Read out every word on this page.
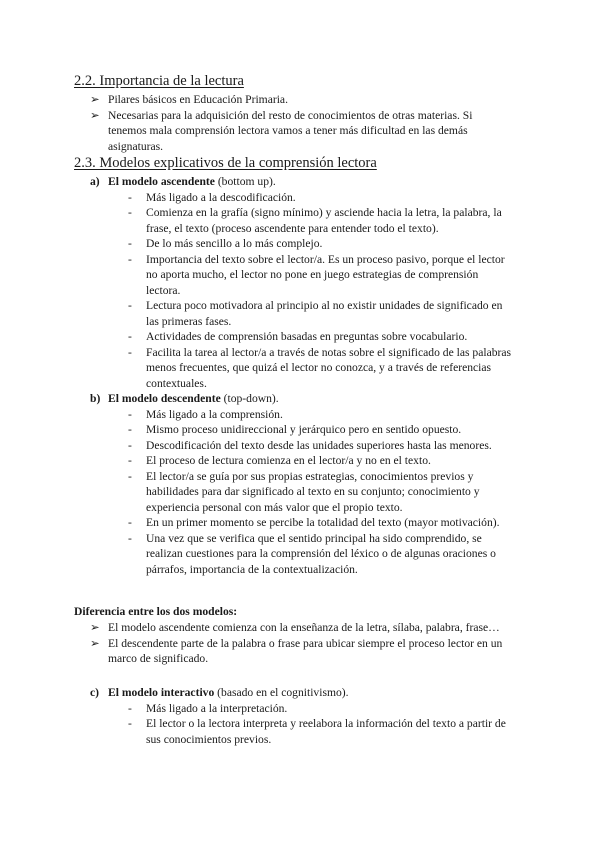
2.2. Importancia de la lectura
➢ Pilares básicos en Educación Primaria.
➢ Necesarias para la adquisición del resto de conocimientos de otras materias. Si
tenemos mala comprensión lectora vamos a tener más dificultad en las demás
asignaturas.
2.3. Modelos explicativos de la comprensión lectora
a) El modelo ascendente (bottom up).
- Más ligado a la descodificación.
- Comienza en la grafía (signo mínimo) y asciende hacia la letra, la palabra, la
frase, el texto (proceso ascendente para entender todo el texto).
- De lo más sencillo a lo más complejo.
- Importancia del texto sobre el lector/a. Es un proceso pasivo, porque el lector
no aporta mucho, el lector no pone en juego estrategias de comprensión
lectora.
- Lectura poco motivadora al principio al no existir unidades de significado en
las primeras fases.
- Actividades de comprensión basadas en preguntas sobre vocabulario.
- Facilita la tarea al lector/a a través de notas sobre el significado de las palabras
menos frecuentes, que quizá el lector no conozca, y a través de referencias
contextuales.
b) El modelo descendente (top-down).
- Más ligado a la comprensión.
- Mismo proceso unidireccional y jerárquico pero en sentido opuesto.
- Descodificación del texto desde las unidades superiores hasta las menores.
- El proceso de lectura comienza en el lector/a y no en el texto.
- El lector/a se guía por sus propias estrategias, conocimientos previos y
habilidades para dar significado al texto en su conjunto; conocimiento y
experiencia personal con más valor que el propio texto.
- En un primer momento se percibe la totalidad del texto (mayor motivación).
- Una vez que se verifica que el sentido principal ha sido comprendido, se
realizan cuestiones para la comprensión del léxico o de algunas oraciones o
párrafos, importancia de la contextualización.
Diferencia entre los dos modelos:
➢ El modelo ascendente comienza con la enseñanza de la letra, sílaba, palabra, frase…
➢ El descendente parte de la palabra o frase para ubicar siempre el proceso lector en un
marco de significado.
c) El modelo interactivo (basado en el cognitivismo).
- Más ligado a la interpretación.
- El lector o la lectora interpreta y reelabora la información del texto a partir de
sus conocimientos previos.
